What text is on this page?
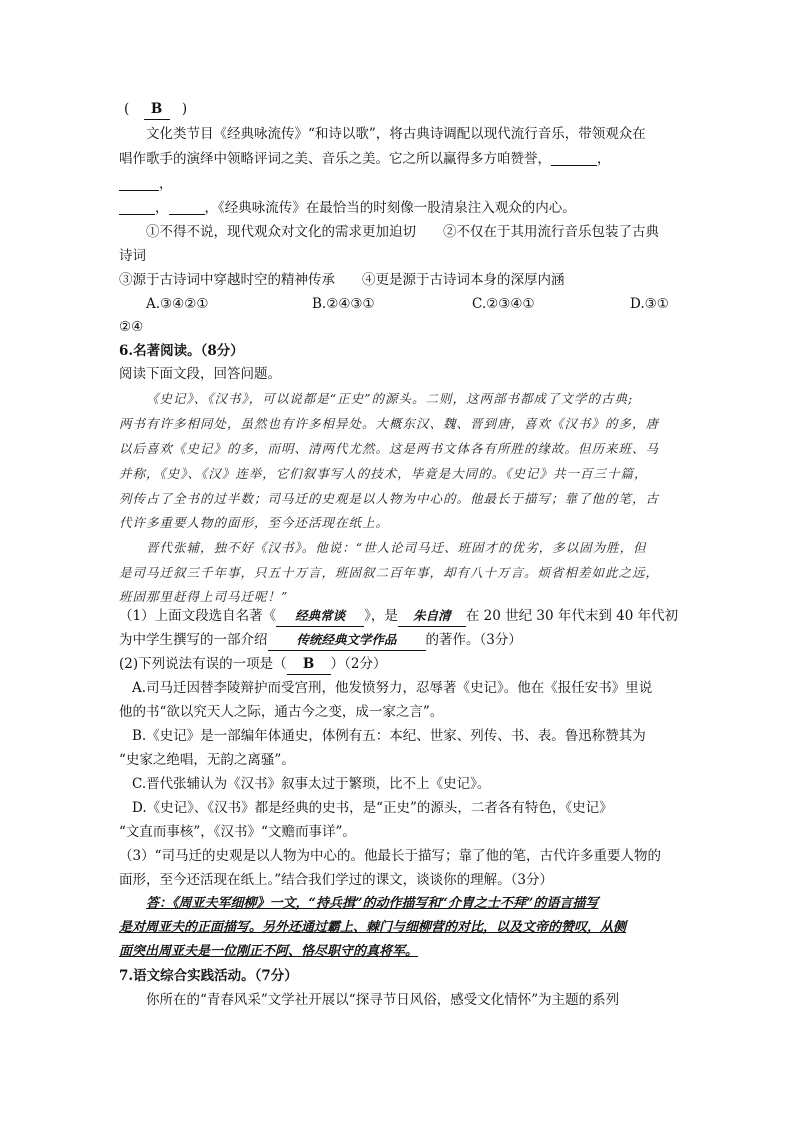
( B )
文化类节目《经典咏流传》“和诗以歌”，将古典诗调配以现代流行音乐，带领观众在
唱作歌手的演绎中领略评词之美、音乐之美。它之所以赢得多方咱赞誉，	，
，
，	，《经典咏流传》在最恰当的时刻像一股清泉注入观众的内心。
①不得不说，现代观众对文化的需求更加迫切　　②不仅在于其用流行音乐包装了古典
诗词
③源于古诗词中穿越时空的精神传承　　④更是源于古诗词本身的深厚内涵
A.③④②①	B.②④③①	C.②③④①	D.③①
②④
6.名著阅读。（8分）
阅读下面文段，回答问题。
《史记》、《汉书》，可以说都是“正史”的源头。二则，这两部书都成了文学的古典;
两书有许多相同处，虽然也有许多相异处。大概东汉、魏、晋到唐，喜欢《汉书》的多，唐
以后喜欢《史记》的多，而明、清两代尤然。这是两书文体各有所胜的缘故。但历来班、马
并称，《史》、《汉》连举，它们叙事写人的技术，毕竟是大同的。《史记》共一百三十篇，
列传占了全书的过半数；司马迁的史观是以人物为中心的。他最长于描写；靠了他的笔，古
代许多重要人物的面形，至今还活现在纸上。
晋代张辅，独不好《汉书》。他说：“世人论司马迁、班固才的优劣，多以固为胜，但
是司马迁叙三千年事，只五十万言，班固叙二百年事，却有八十万言。烦省相差如此之远，
班固那里赶得上司马迁呢！”
（1）上面文段选自名著《 经典常谈 》，是 朱自清 在 20 世纪 30 年代末到 40 年代初
为中学生撰写的一部介绍 传统经典文学作品 的著作。（3分）
(2)下列说法有误的一项是（ B ）（2分）
A.司马迁因替李陵辩护而受宫刑，他发愤努力，忍辱著《史记》。他在《报任安书》里说
他的书“欲以究天人之际，通古今之变，成一家之言”。
B.《史记》是一部编年体通史，体例有五：本纪、世家、列传、书、表。鲁迅称赞其为
“史家之绝唱，无韵之离骚”。
C.晋代张辅认为《汉书》叙事太过于繁琐，比不上《史记》。
D.《史记》、《汉书》都是经典的史书，是“正史”的源头，二者各有特色，《史记》
“文直而事核”，《汉书》“文赡而事详”。
（3）“司马迁的史观是以人物为中心的。他最长于描写；靠了他的笔，古代许多重要人物的
面形，至今还活现在纸上。”结合我们学过的课文，谈谈你的理解。（3分）
答：《周亚夫军细柳》一文，“持兵揖”的动作描写和“介胄之士不拜”的语言描写
是对周亚夫的正面描写。另外还通过霸上、棘门与细柳营的对比，以及文帝的赞叹，从侧
面突出周亚夫是一位刚正不阿、恪尽职守的真将军。
7.语文综合实践活动。（7分）
你所在的“青春风采”文学社开展以“探寻节日风俗，感受文化情怀”为主题的系列
